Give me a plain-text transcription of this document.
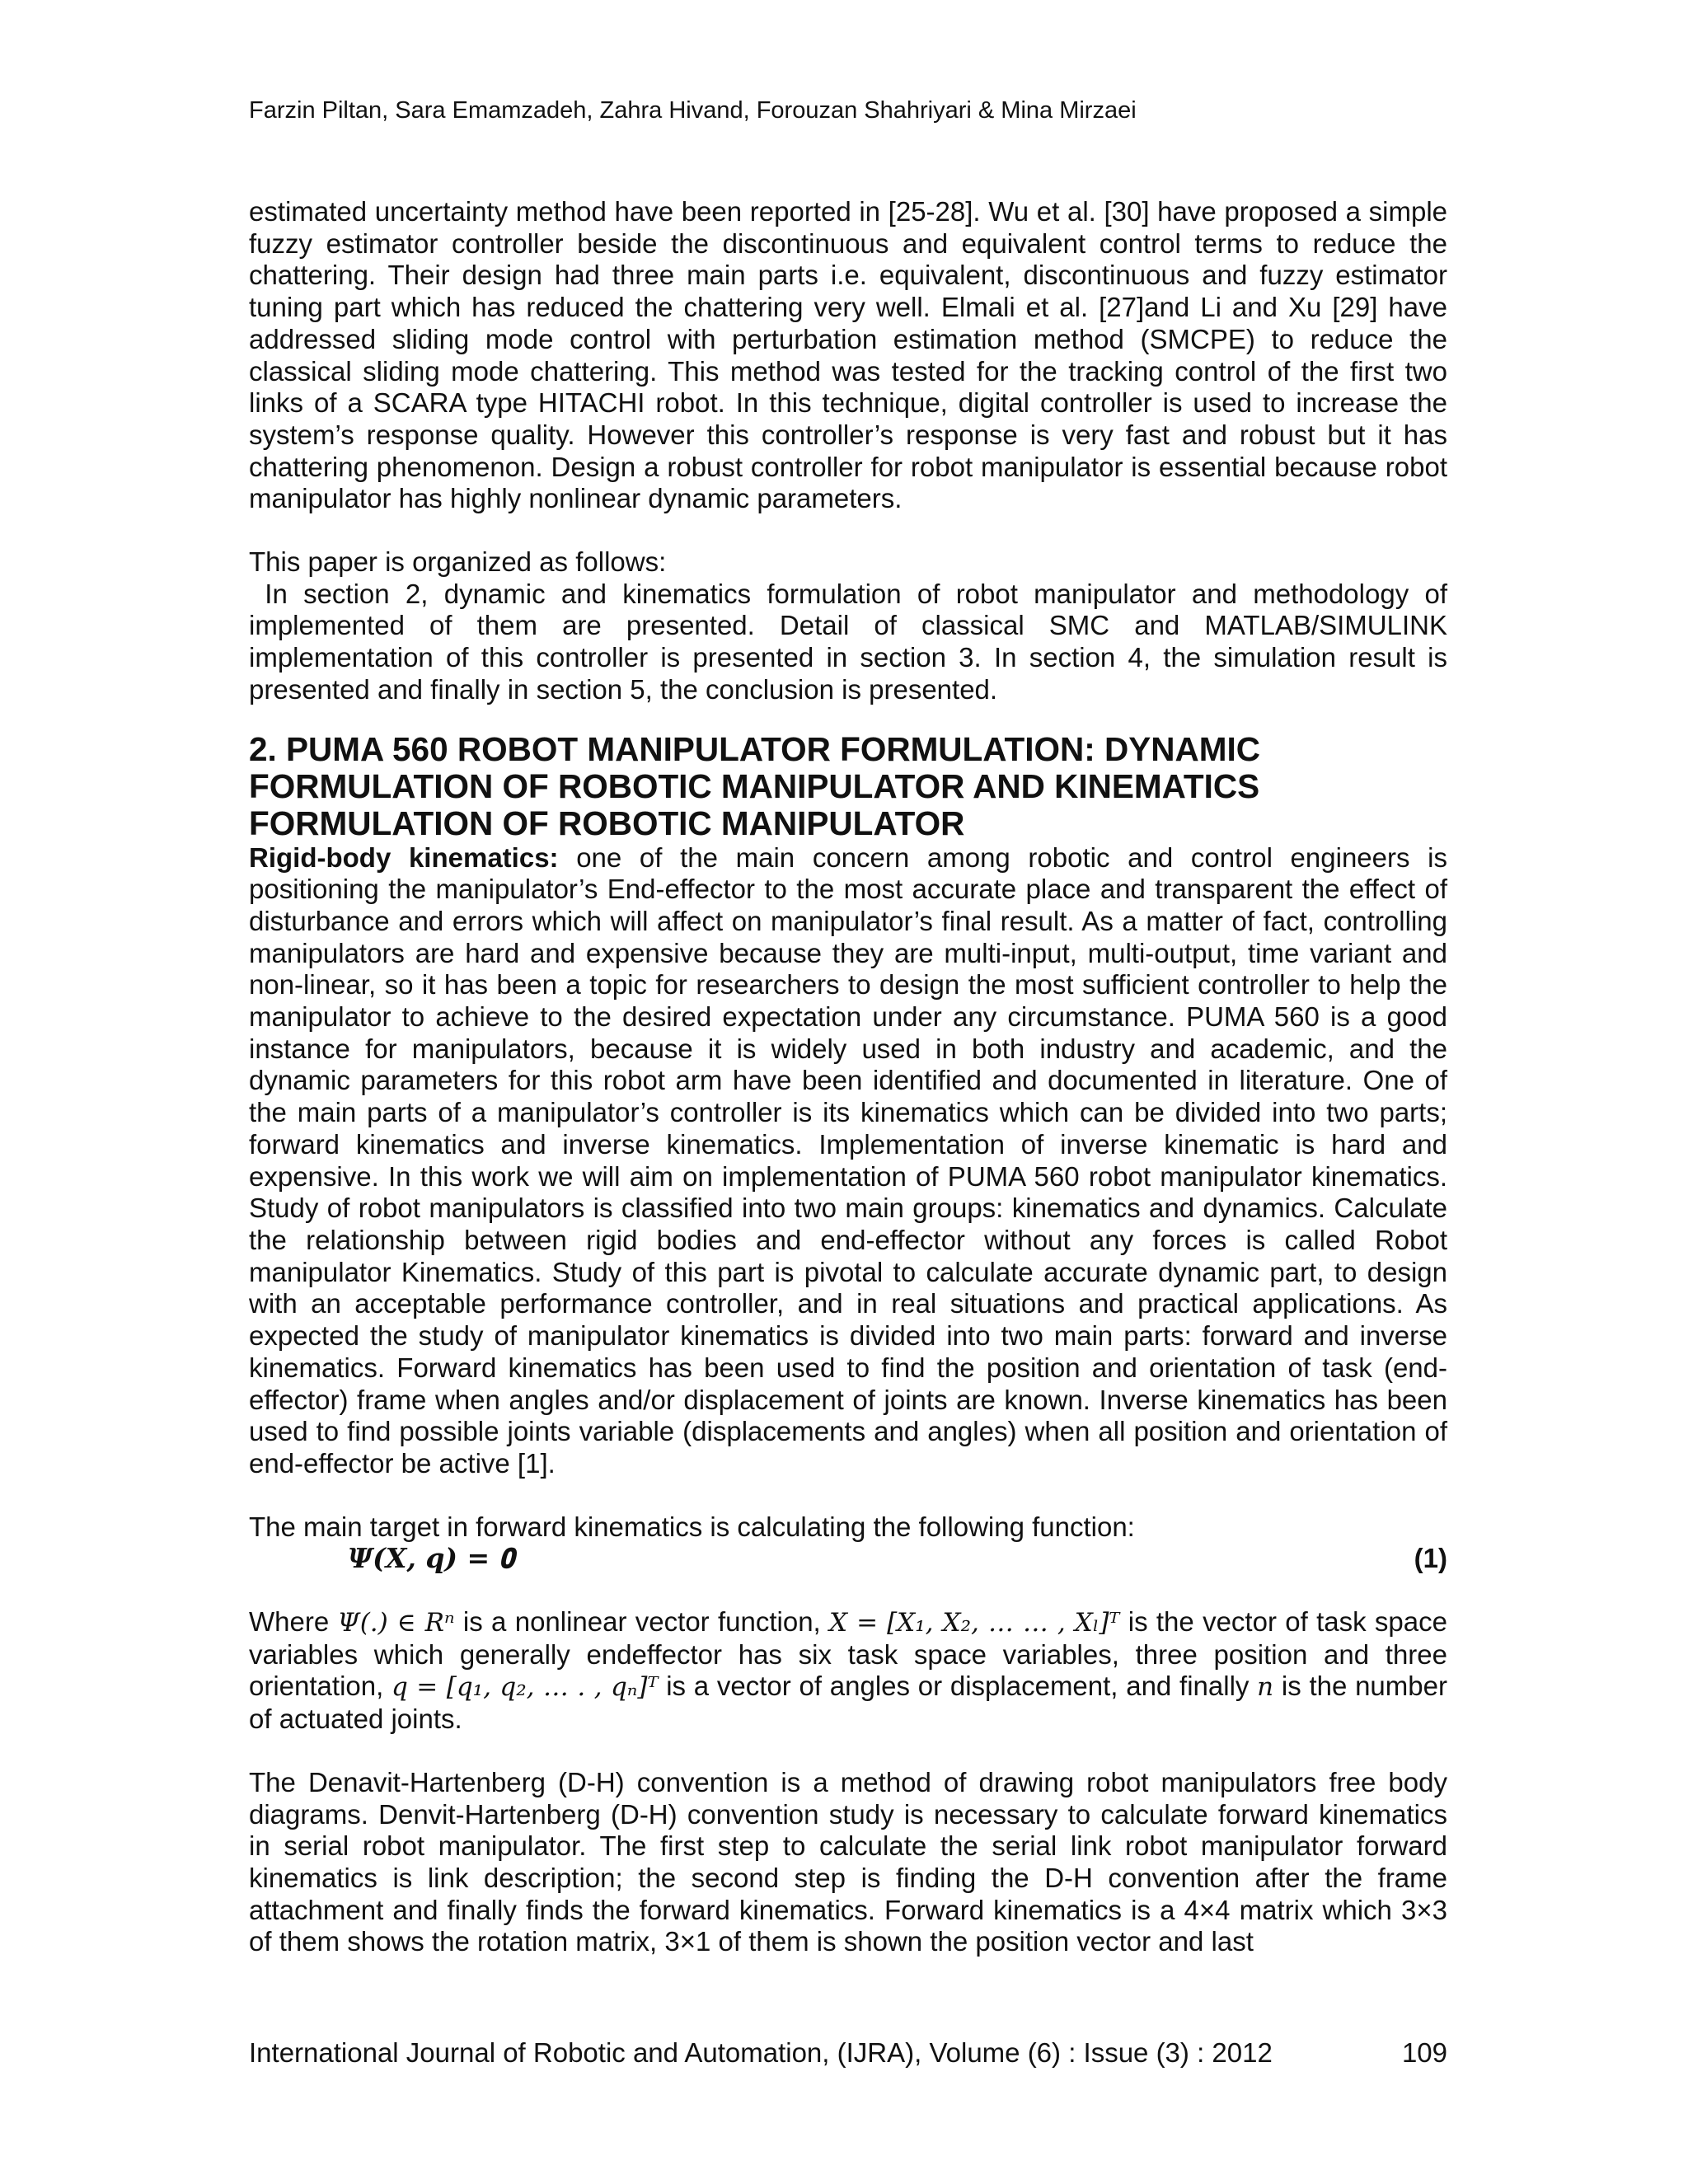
Farzin Piltan, Sara Emamzadeh, Zahra Hivand, Forouzan Shahriyari & Mina Mirzaei

estimated uncertainty method have been reported in [25-28]. Wu et al. [30] have proposed a simple fuzzy estimator controller beside the discontinuous and equivalent control terms to reduce the chattering. Their design had three main parts i.e. equivalent, discontinuous and fuzzy estimator tuning part which has reduced the chattering very well. Elmali et al. [27]and Li and Xu [29] have addressed sliding mode control with perturbation estimation method (SMCPE) to reduce the classical sliding mode chattering. This method was tested for the tracking control of the first two links of a SCARA type HITACHI robot. In this technique, digital controller is used to increase the system’s response quality. However this controller’s response is very fast and robust but it has chattering phenomenon. Design a robust controller for robot manipulator is essential because robot manipulator has highly nonlinear dynamic parameters.

This paper is organized as follows:

In section 2, dynamic and kinematics formulation of robot manipulator and methodology of implemented of them are presented. Detail of classical SMC and MATLAB/SIMULINK implementation of this controller is presented in section 3. In section 4, the simulation result is presented and finally in section 5, the conclusion is presented.

2. PUMA 560 ROBOT MANIPULATOR FORMULATION: DYNAMIC FORMULATION OF ROBOTIC MANIPULATOR AND KINEMATICS FORMULATION OF ROBOTIC MANIPULATOR

Rigid-body kinematics: one of the main concern among robotic and control engineers is positioning the manipulator’s End-effector to the most accurate place and transparent the effect of disturbance and errors which will affect on manipulator’s final result. As a matter of fact, controlling manipulators are hard and expensive because they are multi-input, multi-output, time variant and non-linear, so it has been a topic for researchers to design the most sufficient controller to help the manipulator to achieve to the desired expectation under any circumstance. PUMA 560 is a good instance for manipulators, because it is widely used in both industry and academic, and the dynamic parameters for this robot arm have been identified and documented in literature. One of the main parts of a manipulator’s controller is its kinematics which can be divided into two parts; forward kinematics and inverse kinematics. Implementation of inverse kinematic is hard and expensive. In this work we will aim on implementation of PUMA 560 robot manipulator kinematics. Study of robot manipulators is classified into two main groups: kinematics and dynamics. Calculate the relationship between rigid bodies and end-effector without any forces is called Robot manipulator Kinematics. Study of this part is pivotal to calculate accurate dynamic part, to design with an acceptable performance controller, and in real situations and practical applications. As expected the study of manipulator kinematics is divided into two main parts: forward and inverse kinematics. Forward kinematics has been used to find the position and orientation of task (end-effector) frame when angles and/or displacement of joints are known. Inverse kinematics has been used to find possible joints variable (displacements and angles) when all position and orientation of end-effector be active [1].

The main target in forward kinematics is calculating the following function:

𝜳(𝑿, 𝒒) = 𝟎	(1)

Where Ψ(.) ∈ Rⁿ is a nonlinear vector function, X = [X₁, X₂, … … , Xₗ]ᵀ is the vector of task space variables which generally endeffector has six task space variables, three position and three orientation, q = [q₁, q₂, … . , qₙ]ᵀ is a vector of angles or displacement, and finally n is the number of actuated joints.

The Denavit-Hartenberg (D-H) convention is a method of drawing robot manipulators free body diagrams. Denvit-Hartenberg (D-H) convention study is necessary to calculate forward kinematics in serial robot manipulator. The first step to calculate the serial link robot manipulator forward kinematics is link description; the second step is finding the D-H convention after the frame attachment and finally finds the forward kinematics. Forward kinematics is a 4×4 matrix which 3×3 of them shows the rotation matrix, 3×1 of them is shown the position vector and last

International Journal of Robotic and Automation, (IJRA), Volume (6) : Issue (3) : 2012	109
